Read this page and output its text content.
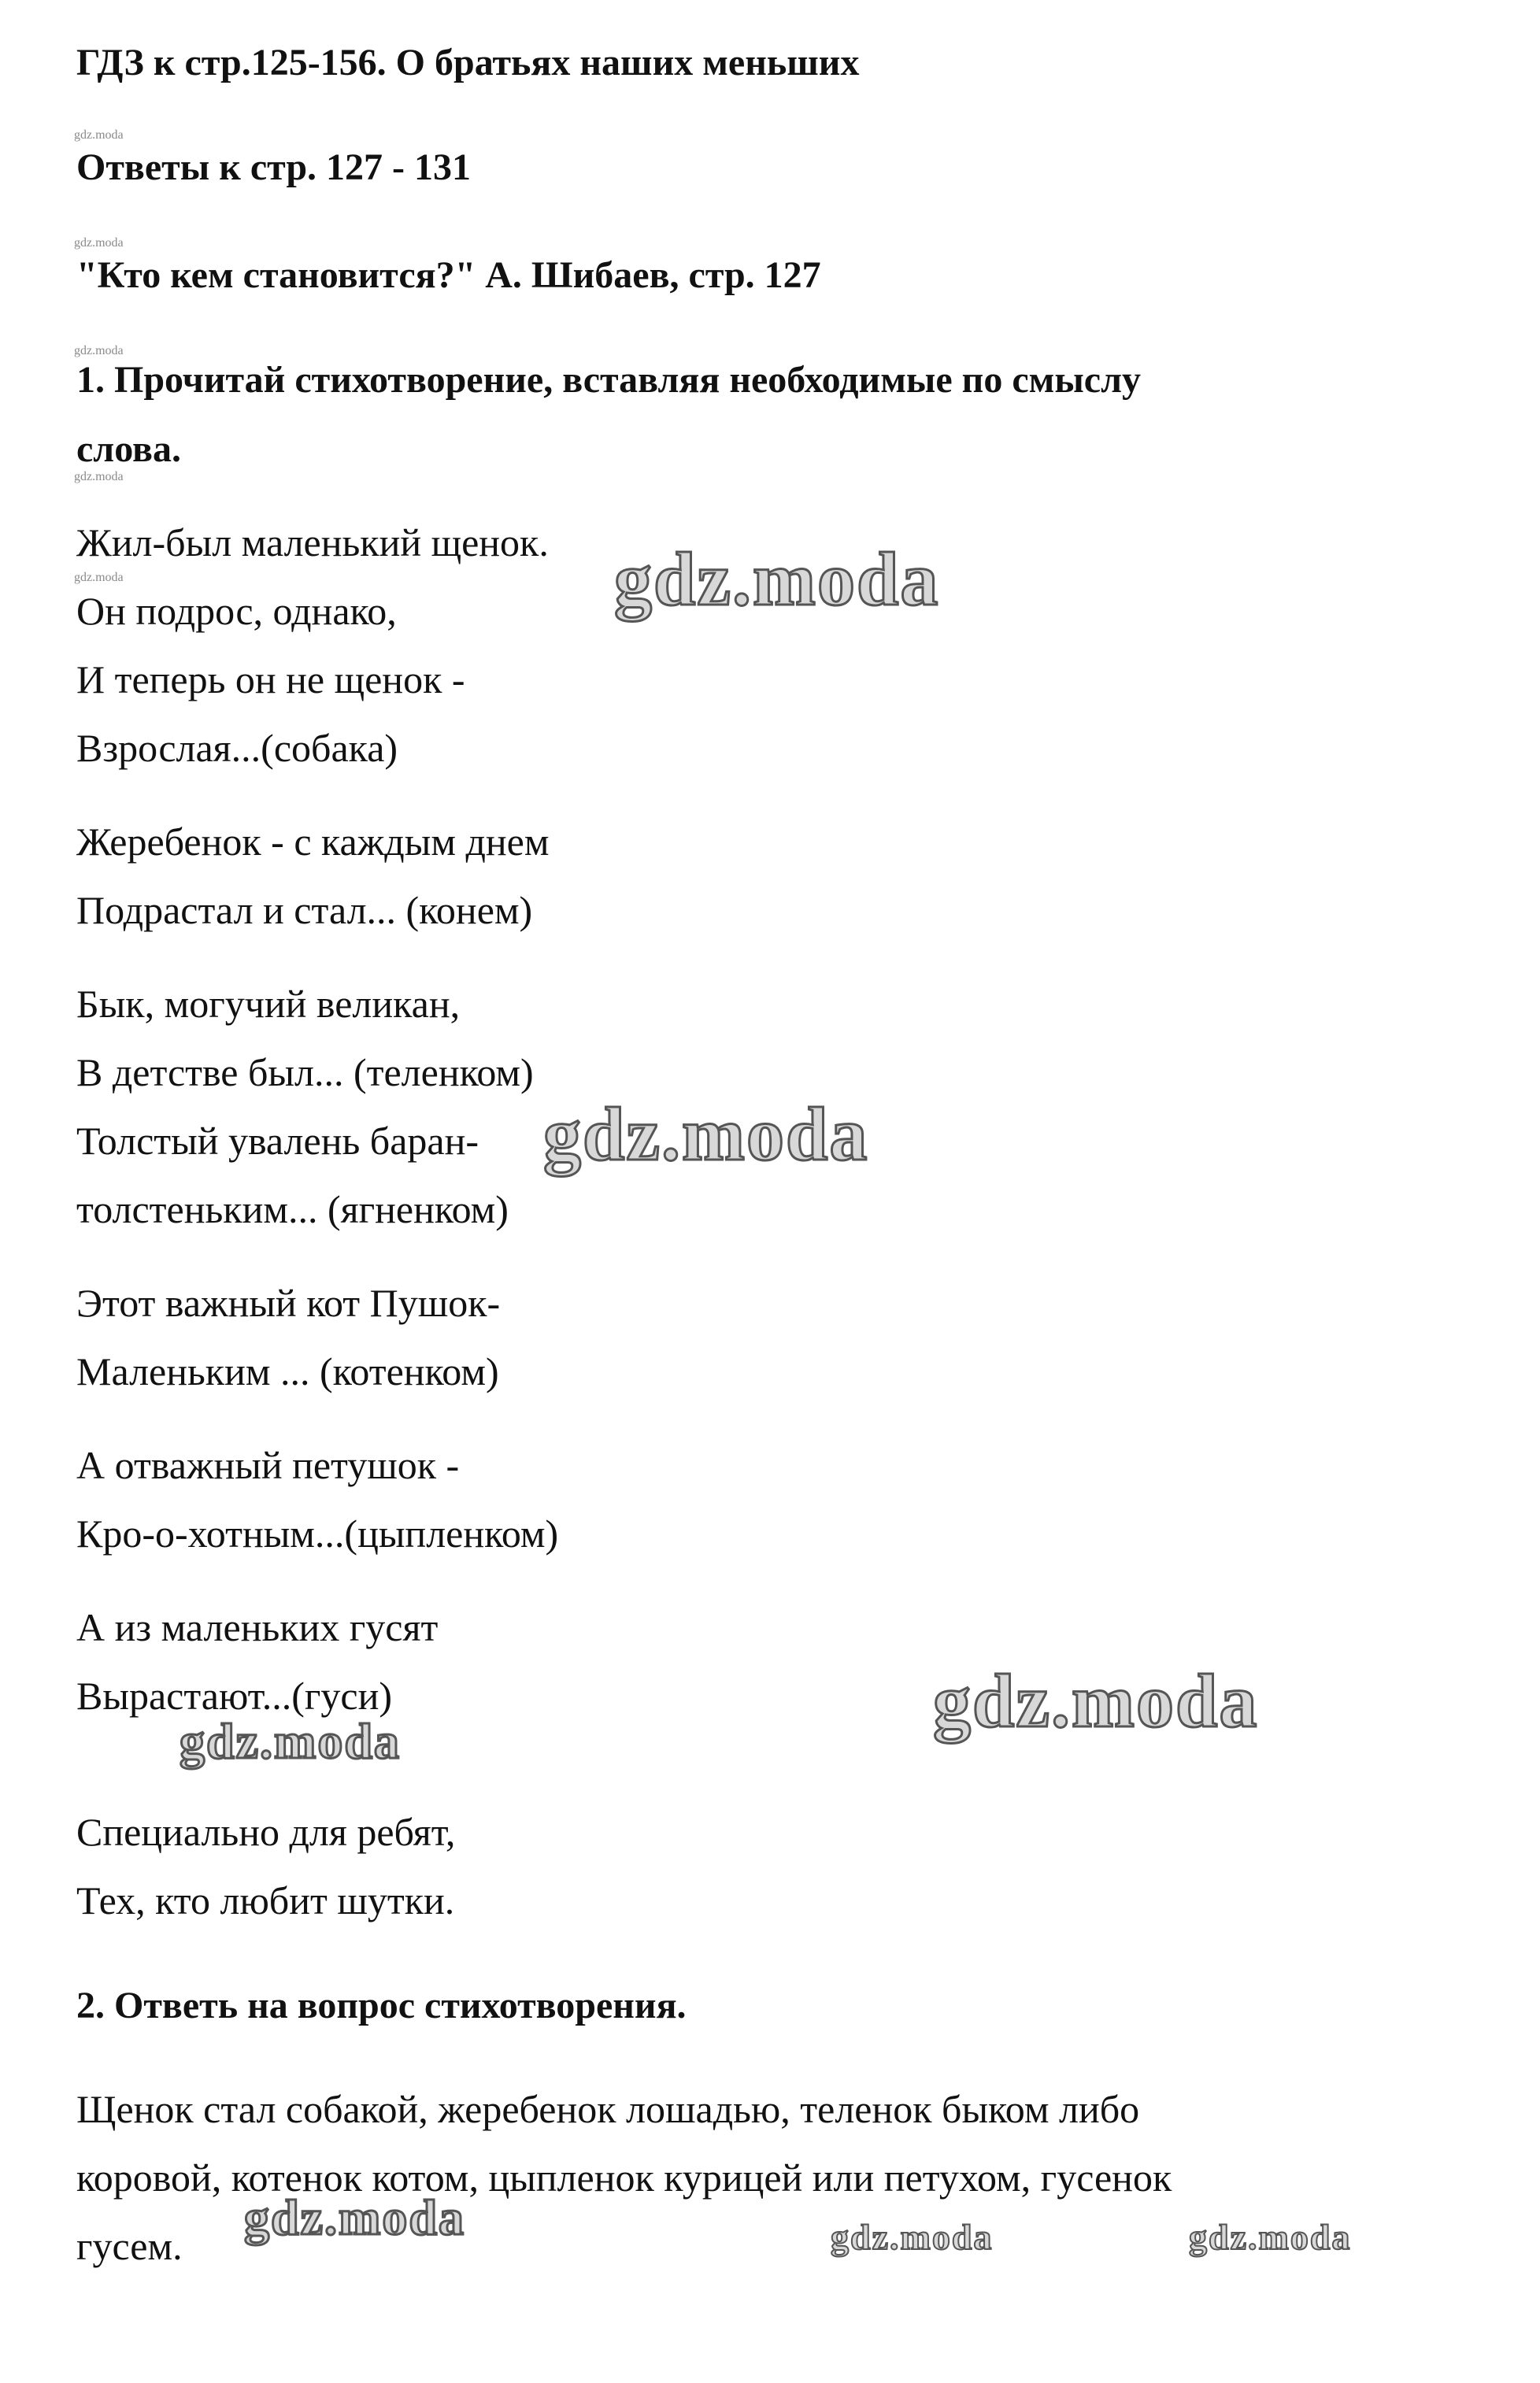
gdz.moda
gdz.moda
gdz.moda
gdz.moda
gdz.moda
ГДЗ к стр.125-156. О братьях наших меньших
Ответы к стр. 127 - 131
"Кто кем становится?" А. Шибаев, стр. 127
1. Прочитай стихотворение, вставляя необходимые по смыслу
слова.
Жил-был маленький щенок.
Он подрос, однако,
И теперь он не щенок -
Взрослая...(собака)
Жеребенок - с каждым днем
Подрастал и стал... (конем)
Бык, могучий великан,
В детстве был... (теленком)
Толстый увалень баран-
толстеньким... (ягненком)
Этот важный кот Пушок-
Маленьким ... (котенком)
А отважный петушок -
Кро-о-хотным...(цыпленком)
А из маленьких гусят
Вырастают...(гуси)
Специально для ребят,
Тех, кто любит шутки.
2. Ответь на вопрос стихотворения.
Щенок стал собакой, жеребенок лошадью, теленок быком либо
коровой, котенок котом, цыпленок курицей или петухом, гусенок
гусем.
gdz.moda
gdz.moda
gdz.moda
gdz.moda
gdz.moda	gdz.moda	gdz.moda
